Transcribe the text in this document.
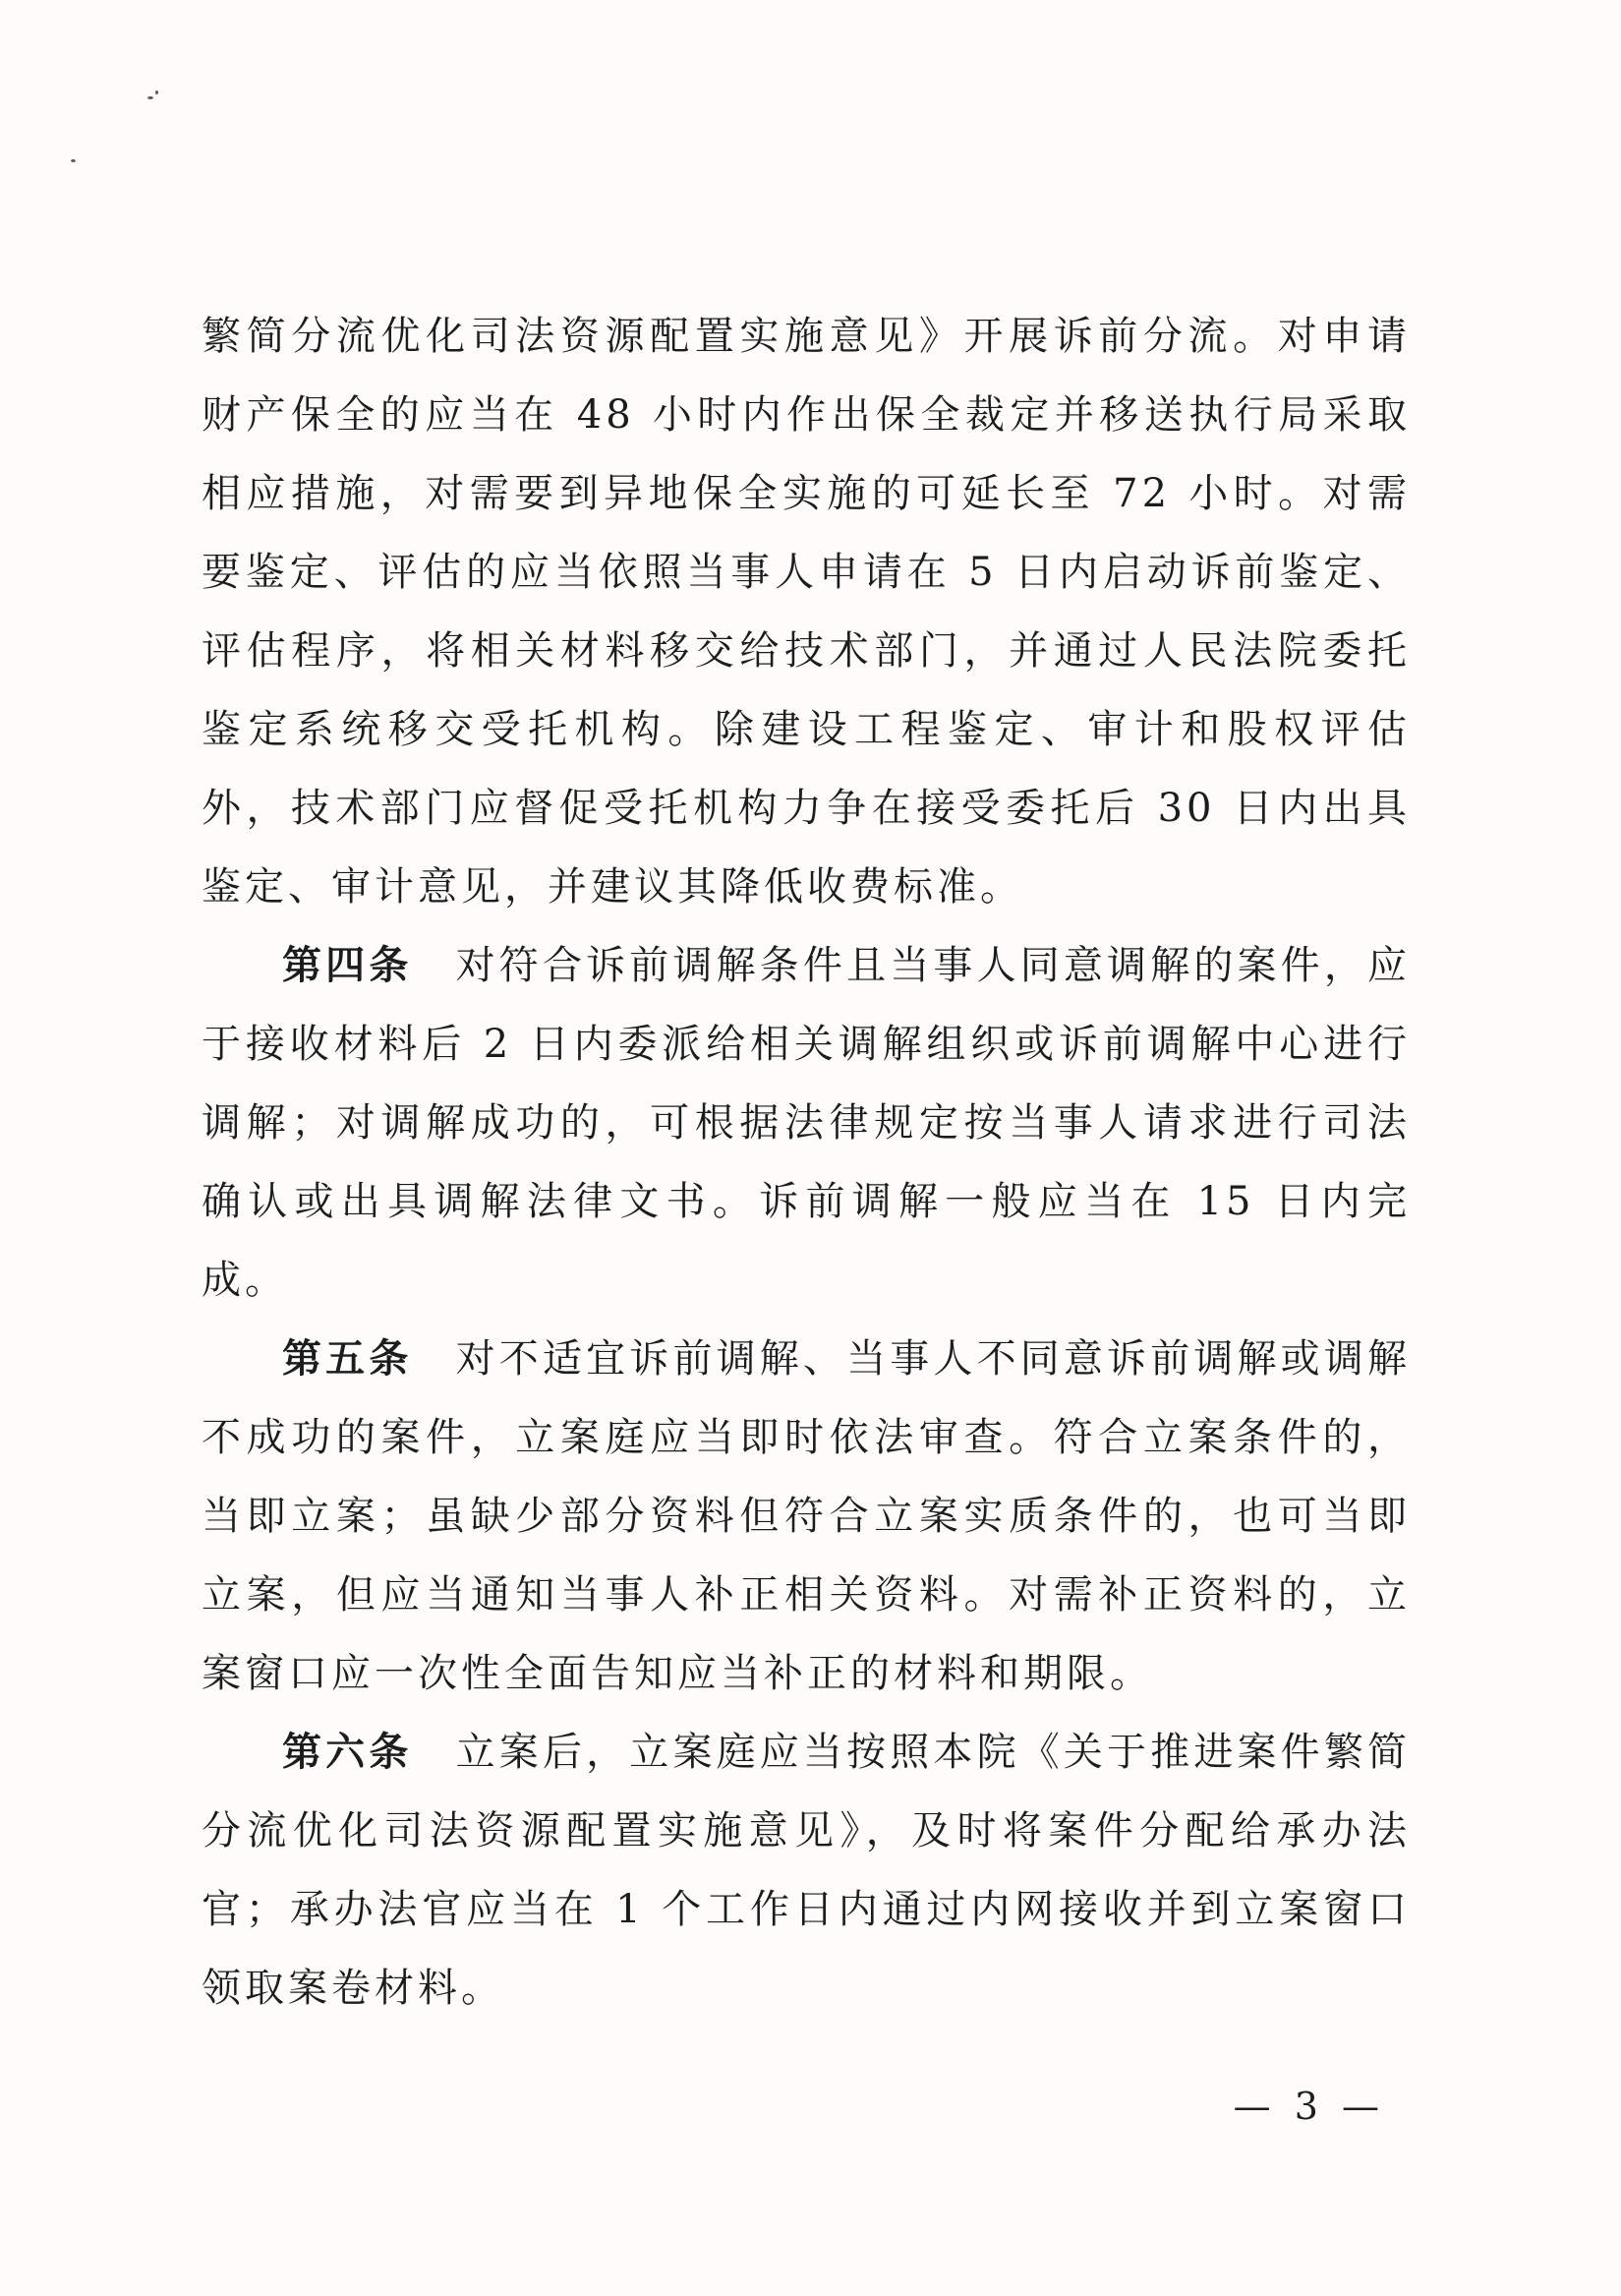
繁简分流优化司法资源配置实施意见》开展诉前分流。对申请财产保全的应当在 48 小时内作出保全裁定并移送执行局采取相应措施，对需要到异地保全实施的可延长至 72 小时。对需要鉴定、评估的应当依照当事人申请在 5 日内启动诉前鉴定、评估程序，将相关材料移交给技术部门，并通过人民法院委托鉴定系统移交受托机构。除建设工程鉴定、审计和股权评估外，技术部门应督促受托机构力争在接受委托后 30 日内出具鉴定、审计意见，并建议其降低收费标准。

第四条 对符合诉前调解条件且当事人同意调解的案件，应于接收材料后 2 日内委派给相关调解组织或诉前调解中心进行调解；对调解成功的，可根据法律规定按当事人请求进行司法确认或出具调解法律文书。诉前调解一般应当在 15 日内完成。

第五条 对不适宜诉前调解、当事人不同意诉前调解或调解不成功的案件，立案庭应当即时依法审查。符合立案条件的，当即立案；虽缺少部分资料但符合立案实质条件的，也可当即立案，但应当通知当事人补正相关资料。对需补正资料的，立案窗口应一次性全面告知应当补正的材料和期限。

第六条 立案后，立案庭应当按照本院《关于推进案件繁简分流优化司法资源配置实施意见》，及时将案件分配给承办法官；承办法官应当在 1 个工作日内通过内网接收并到立案窗口领取案卷材料。

— 3 —
